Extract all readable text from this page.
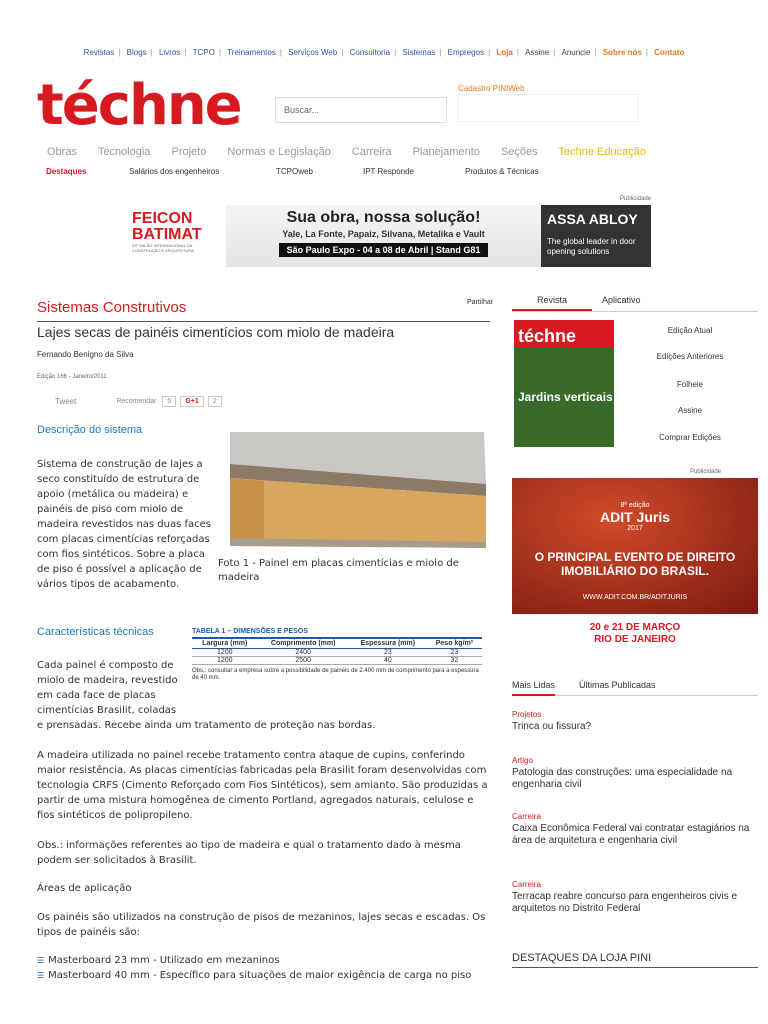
Revistas | Blogs | Livros | TCPO | Treinamentos | Serviços Web | Consultoria | Sistemas | Empregos | Loja | Assine | Anuncie | Sobre nós | Contato
téchne	Buscar...
Cadastro PINIWeb
Obras Tecnologia Projeto Normas e Legislação Carreira Planejamento Seções Techne Educação
Destaques	Salários dos engenheiros	TCPOweb	IPT Responde	Produtos & Técnicas
Publicidade
FEICON
BATIMAT
23º SALÃO INTERNACIONAL DA CONSTRUÇÃO E ARQUITETURA
Sua obra, nossa solução!
Yale, La Fonte, Papaiz, Silvana, Metalika e Vault
São Paulo Expo - 04 a 08 de Abril | Stand G81
ASSA ABLOY
The global leader in door opening solutions
Sistemas Construtivos	Partilhar
Lajes secas de painéis cimentícios com miolo de madeira
Fernando Benigno da Silva
Edição 166 - Janeiro/2011
Tweet	Recomendar	5	G+1	2
Descrição do sistema
Sistema de construção de lajes a seco constituído de estrutura de apoio (metálica ou madeira) e painéis de piso com miolo de madeira revestidos nas duas faces com placas cimentícias reforçadas com fios sintéticos. Sobre a placa de piso é possível a aplicação de vários tipos de acabamento.
Foto 1 - Painel em placas cimentícias e miolo de madeira
Características técnicas
Cada painel é composto de miolo de madeira, revestido em cada face de placas cimentícias Brasilit, coladas
e prensadas. Recebe ainda um tratamento de proteção nas bordas.
TABELA 1 – DIMENSÕES E PESOS
Largura (mm)	Comprimento (mm)	Espessura (mm)	Peso kg/m²
1200	2400	23	23
1200	2500	40	32
Obs.: consultar a empresa sobre a possibilidade de painéis de 2.400 mm de comprimento para a espessura de 40 mm.
A madeira utilizada no painel recebe tratamento contra ataque de cupins, conferindo maior resistência. As placas cimentícias fabricadas pela Brasilit foram desenvolvidas com tecnologia CRFS (Cimento Reforçado com Fios Sintéticos), sem amianto. São produzidas a partir de uma mistura homogênea de cimento Portland, agregados naturais, celulose e fios sintéticos de polipropileno.
Obs.: informações referentes ao tipo de madeira e qual o tratamento dado à mesma podem ser solicitados à Brasilit.
Áreas de aplicação
Os painéis são utilizados na construção de pisos de mezaninos, lajes secas e escadas. Os tipos de painéis são:
☰ Masterboard 23 mm - Utilizado em mezaninos
☰ Masterboard 40 mm - Específico para situações de maior exigência de carga no piso
Revista	Aplicativo
téchne
Jardins verticais
Edição Atual
Edições Anteriores
Folheie
Assine
Comprar Edições
Publicidade
8ª edição
ADIT Juris
2017
O PRINCIPAL EVENTO DE DIREITO IMOBILIÁRIO DO BRASIL.
WWW.ADIT.COM.BR/ADITJURIS
20 e 21 DE MARÇO
RIO DE JANEIRO
Mais Lidas	Últimas Publicadas
Projetos
Trinca ou fissura?
Artigo
Patologia das construções: uma especialidade na engenharia civil
Carreira
Caixa Econômica Federal vai contratar estagiários na área de arquitetura e engenharia civil
Carreira
Terracap reabre concurso para engenheiros civis e arquitetos no Distrito Federal
DESTAQUES DA LOJA PINI
